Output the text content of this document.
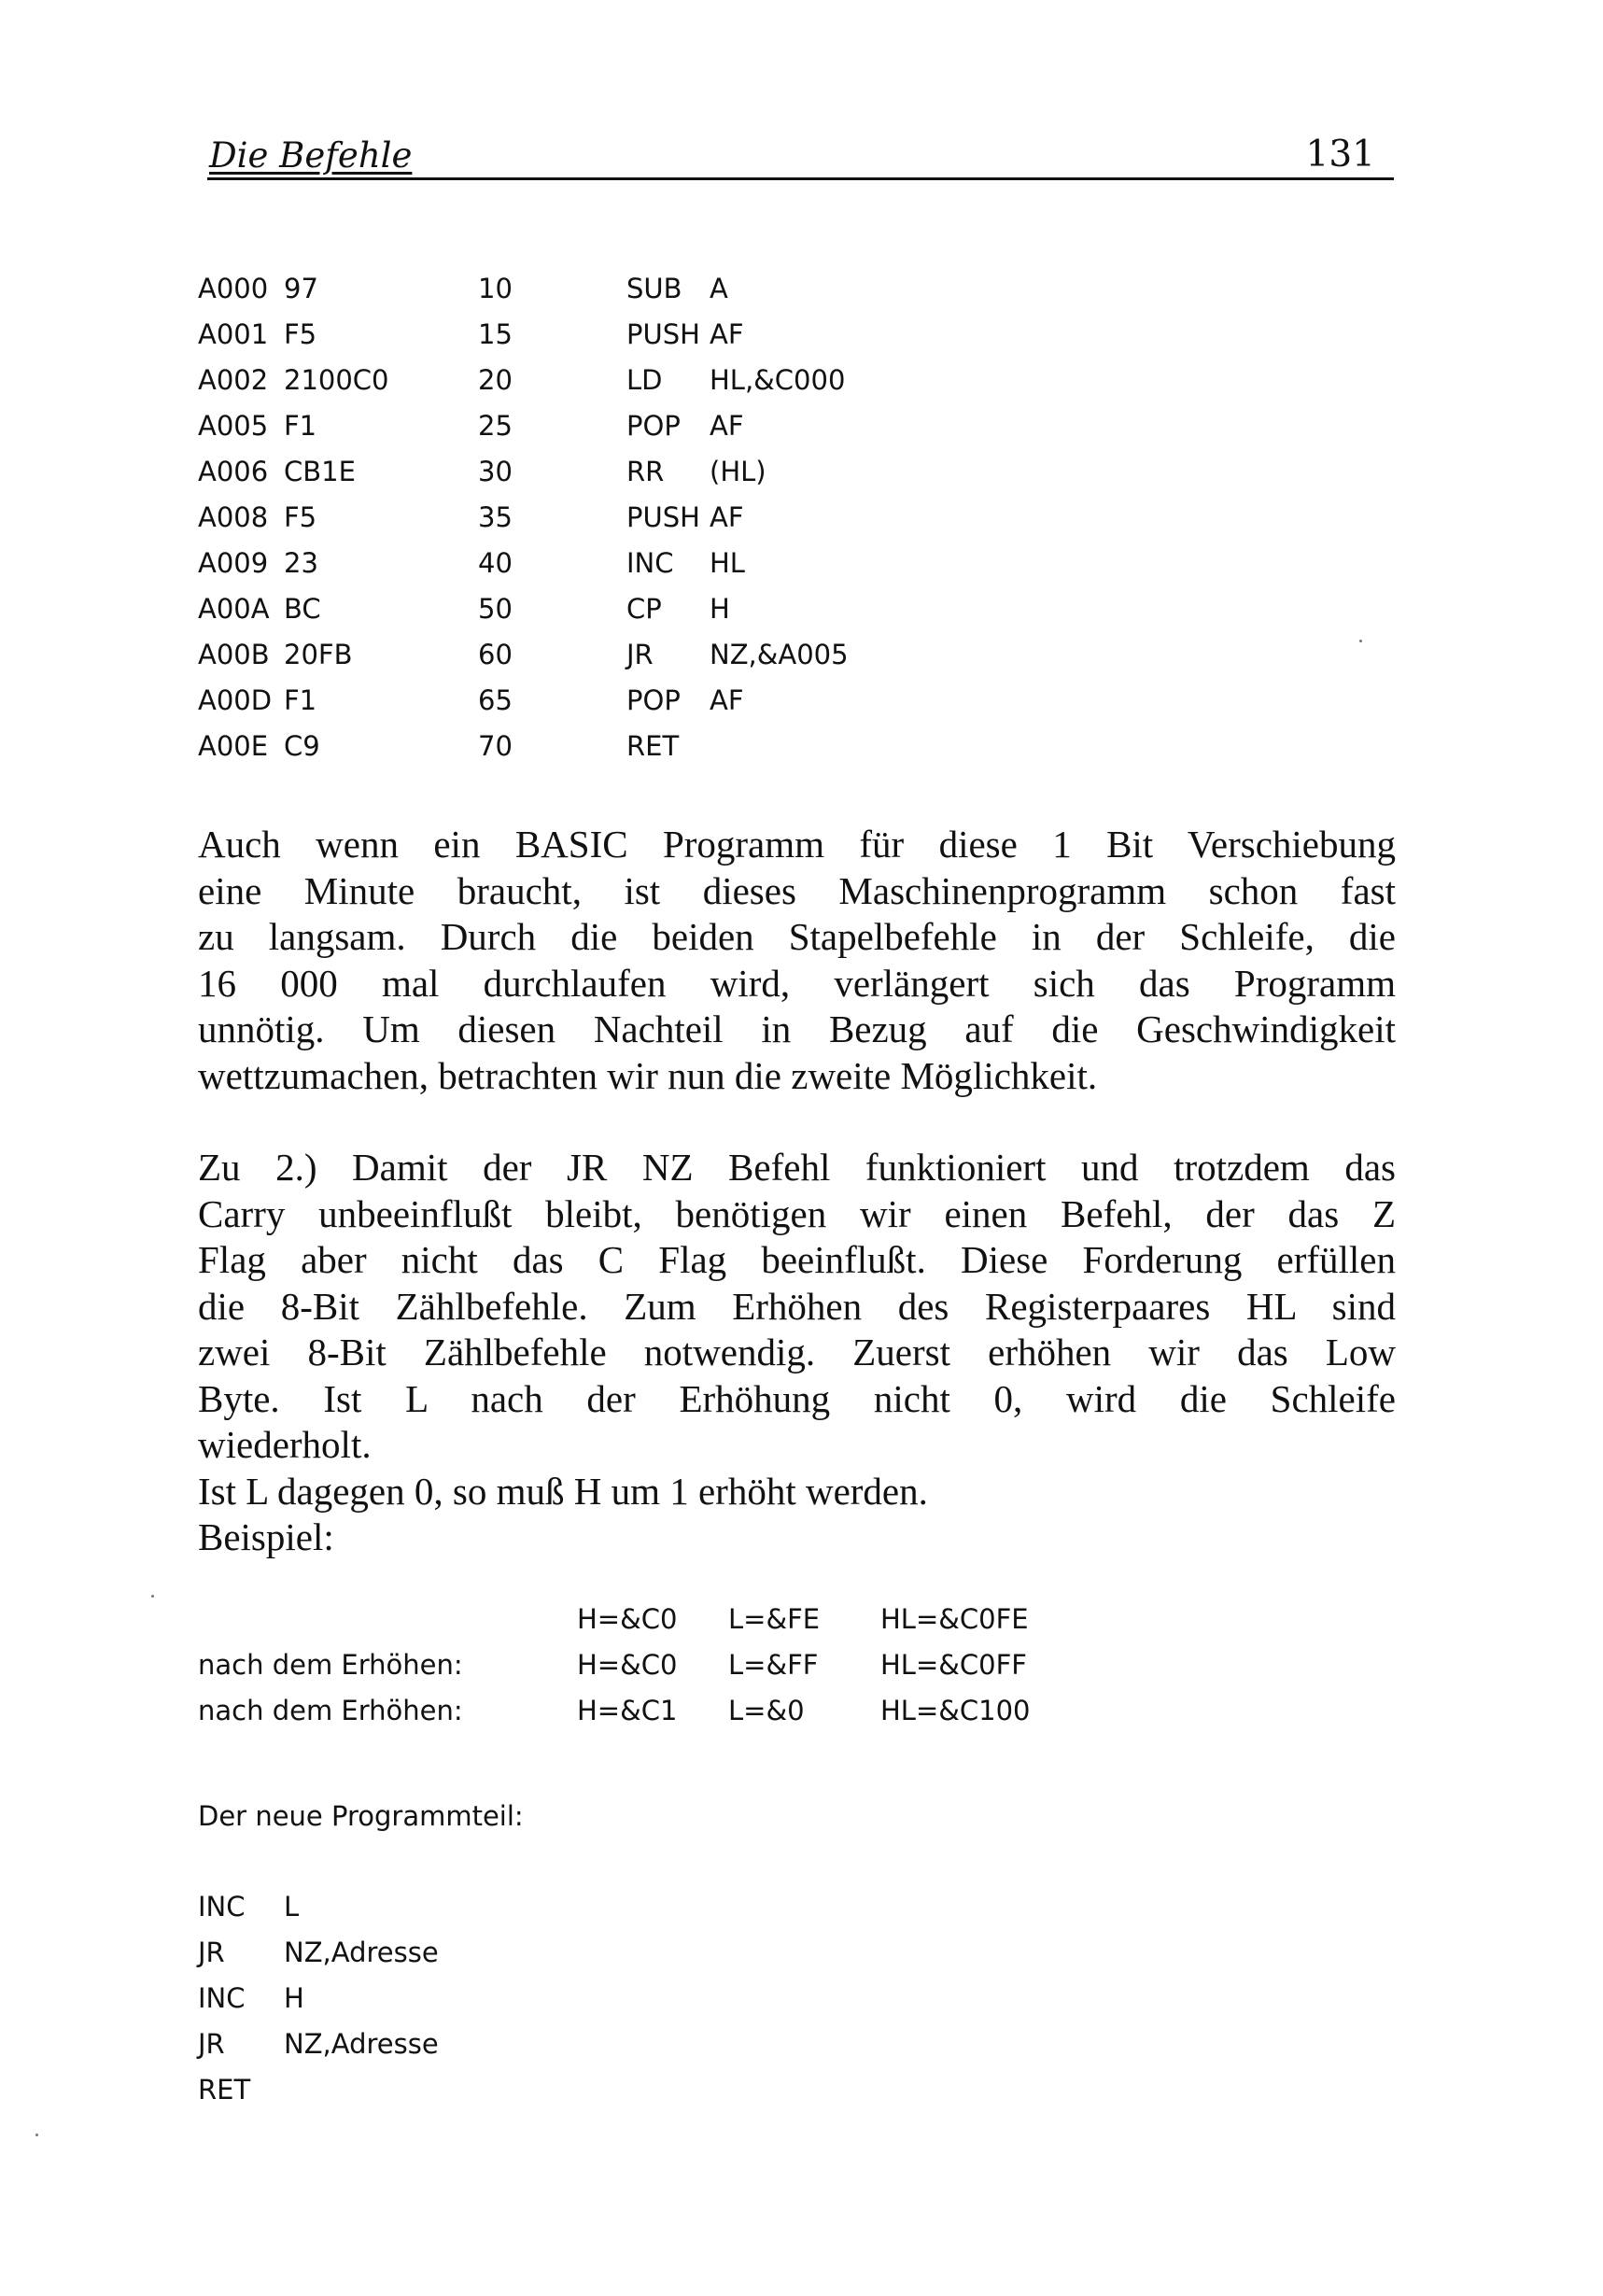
Die Befehle	131
A000 97	10	SUB A
A001 F5	15	PUSH AF
A002 2100C0	20	LD HL,&C000
A005 F1	25	POP AF
A006 CB1E	30	RR (HL)
A008 F5	35	PUSH AF
A009 23	40	INC HL
A00A BC	50	CP H
A00B 20FB	60	JR NZ,&A005
A00D F1	65	POP AF
A00E C9	70	RET
Auch wenn ein BASIC Programm für diese 1 Bit Verschiebung
eine Minute braucht, ist dieses Maschinenprogramm schon fast
zu langsam. Durch die beiden Stapelbefehle in der Schleife, die
16 000 mal durchlaufen wird, verlängert sich das Programm
unnötig. Um diesen Nachteil in Bezug auf die Geschwindigkeit
wettzumachen, betrachten wir nun die zweite Möglichkeit.
Zu 2.) Damit der JR NZ Befehl funktioniert und trotzdem das
Carry unbeeinflußt bleibt, benötigen wir einen Befehl, der das Z
Flag aber nicht das C Flag beeinflußt. Diese Forderung erfüllen
die 8-Bit Zählbefehle. Zum Erhöhen des Registerpaares HL sind
zwei 8-Bit Zählbefehle notwendig. Zuerst erhöhen wir das Low
Byte. Ist L nach der Erhöhung nicht 0, wird die Schleife
wiederholt.
Ist L dagegen 0, so muß H um 1 erhöht werden.
Beispiel:
H=&C0 L=&FE HL=&C0FE
nach dem Erhöhen:	H=&C0 L=&FF HL=&C0FF
nach dem Erhöhen:	H=&C1 L=&0	HL=&C100
Der neue Programmteil:
INC L
JR NZ,Adresse
INC H
JR NZ,Adresse
RET
